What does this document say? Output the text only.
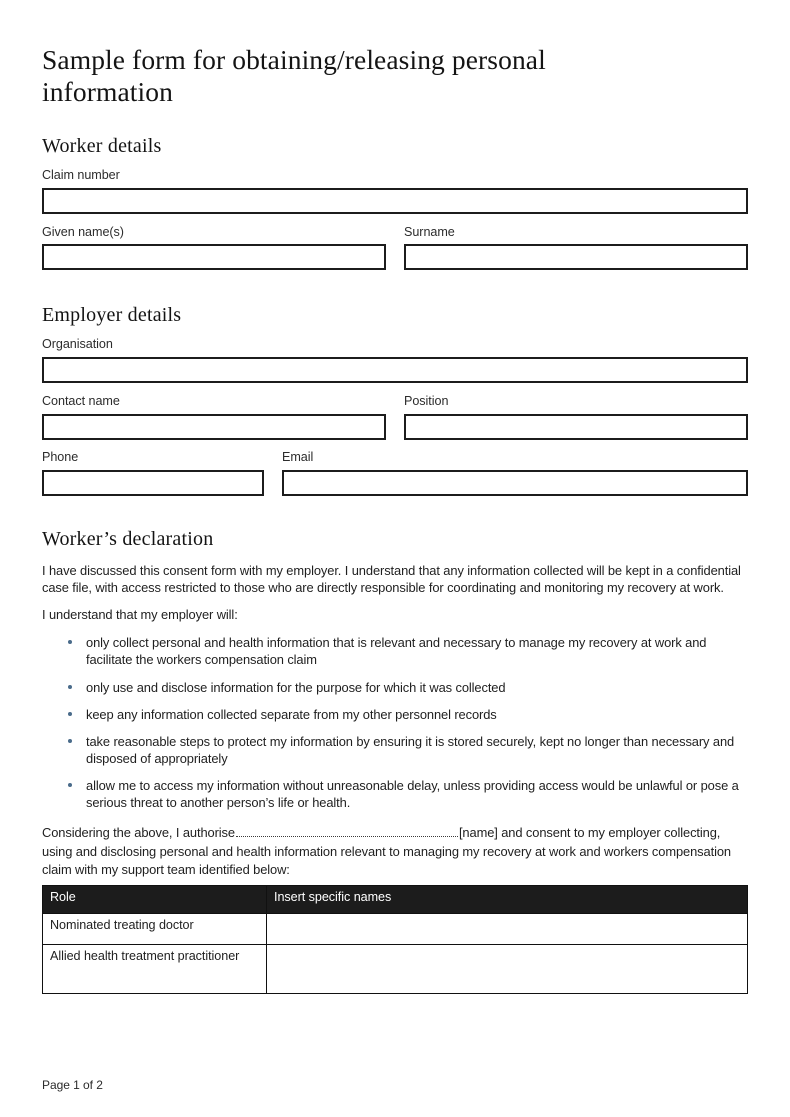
Sample form for obtaining/releasing personal information
Worker details
Claim number
Given name(s)	Surname
Employer details
Organisation
Contact name	Position
Phone	Email
Worker’s declaration

I have discussed this consent form with my employer. I understand that any information collected will be kept in a confidential case file, with access restricted to those who are directly responsible for coordinating and monitoring my recovery at work.

I understand that my employer will:

only collect personal and health information that is relevant and necessary to manage my recovery at work and facilitate the workers compensation claim
only use and disclose information for the purpose for which it was collected
keep any information collected separate from my other personnel records
take reasonable steps to protect my information by ensuring it is stored securely, kept no longer than necessary and disposed of appropriately
allow me to access my information without unreasonable delay, unless providing access would be unlawful or pose a serious threat to another person’s life or health.

Considering the above, I authorise	[name] and consent to my employer collecting, using and disclosing personal and health information relevant to managing my recovery at work and workers compensation claim with my support team identified below:

Role	Insert specific names
Nominated treating doctor	
Allied health treatment practitioner	
Page 1 of 2
